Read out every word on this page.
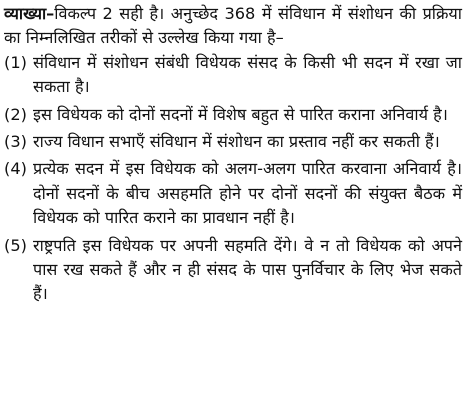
व्याख्या–विकल्प 2 सही है। अनुच्छेद 368 में संविधान में संशोधन की प्रक्रिया का निम्नलिखित तरीकों से उल्लेख किया गया है–

(1) संविधान में संशोधन संबंधी विधेयक संसद के किसी भी सदन में रखा जा सकता है।
(2) इस विधेयक को दोनों सदनों में विशेष बहुत से पारित कराना अनिवार्य है।
(3) राज्य विधान सभाएँ संविधान में संशोधन का प्रस्ताव नहीं कर सकती हैं।
(4) प्रत्येक सदन में इस विधेयक को अलग-अलग पारित करवाना अनिवार्य है। दोनों सदनों के बीच असहमति होने पर दोनों सदनों की संयुक्त बैठक में विधेयक को पारित कराने का प्रावधान नहीं है।
(5) राष्ट्रपति इस विधेयक पर अपनी सहमति देंगे। वे न तो विधेयक को अपने पास रख सकते हैं और न ही संसद के पास पुनर्विचार के लिए भेज सकते हैं।
